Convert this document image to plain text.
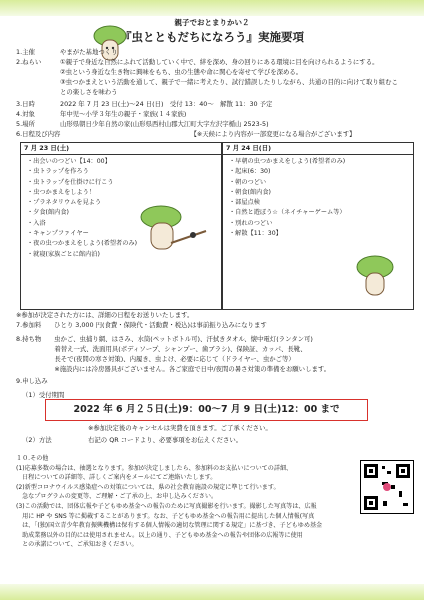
親子でおとまりかい２
『虫とともだちになろう』実施要項
1.主催	やまがた基地つくり
2.ねらい	①親子で身近な自然にふれて活動していく中で、絆を深め、身の回りにある環境に目を向けられるようにする。
②虫という身近な生き物に興味をもち、虫の生態や命に関心を寄せて学びを深める。
③虫つかまえという活動を通して、親子で一緒に考えたり、試行錯誤したりしながら、共通の目的に向けて取り組むこ
との楽しさを味わう
3.日時	2022 年 7 月 23 日(土)～24 日(日)　受付 13：40～　解散 11：30 予定
4.対象	年中児～小学３年生の親子・家族(１４家族)
5.場所	山形県朝日少年自然の家(山形県西村山郡大江町大字左沢字楯山 2523-5)
6.日程及び内容	【※天候により内容が一部変更になる場合がございます】
7 月 23 日(土)
・出会いのつどい【14：00】
・虫トラップを作ろう
・虫トラップを仕掛けに行こう
・虫つかまえをしよう！
・プラネタリウムを見よう
・夕食(館内食)
・入浴
・キャンプファイヤー
・夜の虫つかまえをしよう(希望者のみ)
・就寝(家族ごとに館内泊)
7 月 24 日(日)
・早朝の虫つかまえをしよう(希望者のみ)
・起床(6：30)
・朝のつどい
・朝食(館内食)
・部屋点検
・自然と遊ぼう☆（ネイチャーゲーム等）
・別れのつどい
・解散【11：30】
※参加が決定された方には、詳細の日程をお送りいたします。
7.参加料　　ひとり 3,000 円(食費・保険代・活動費・税込)は事前振り込みになります
8.持ち物　　虫かご、虫捕り網、はさみ、水筒(ペットボトル可)、汗拭きタオル、懐中電灯(ランタン可)
　　　　　　着替え一式、洗面用具(ボディソープ、シャンプー、歯ブラシ)、保険証、カッパ、長靴、
　　　　　　長そで(夜間の寒さ対策)、内履き、虫よけ、必要に応じて（ドライヤー、虫かご等）
　　　　　　※施設内には冷房器具がございません。各ご家庭で日中/夜間の暑さ対策の準備をお願いします。
9.申し込み
（1）受付期間
2022 年 6 月２５日(土)9：00～7 月 9 日(土)12：00 まで
※参加決定後のキャンセルは実費を頂きます。ご了承ください。
（2）方法	右記の QR コードより、必要事項をお伝えください。

１０.その他

(1)応募多数の場合は、抽選となります。参加が決定しましたら、参加料のお支払いについての詳細、

　日程についての詳細等、詳しくご案内をメールにてご連絡いたします。

(2)新型コロナウイルス感染症への対策については、県の社会教育施設の規定に準じて行います。

　急なプログラムの変更等、ご理解・ご了承の上、お申し込みください。

(3)この活動では、団体広報や子どもゆめ基金への報告のために写真撮影を行います。撮影した写真等は、広報

　用に HP や SNS 等に掲載することがあります。なお、子どもゆめ基金への報告用に提出した個人情報(写真

　は、「(独)国立青少年教育振興機構は保有する個人情報の適切な管理に関する規定」に基づき、子どもゆめ基金

　助成業務以外の目的には使用されません。以上の通り、子どもゆめ基金への報告や団体の広報等に使用

　との承諾について、ご承知おきください。
